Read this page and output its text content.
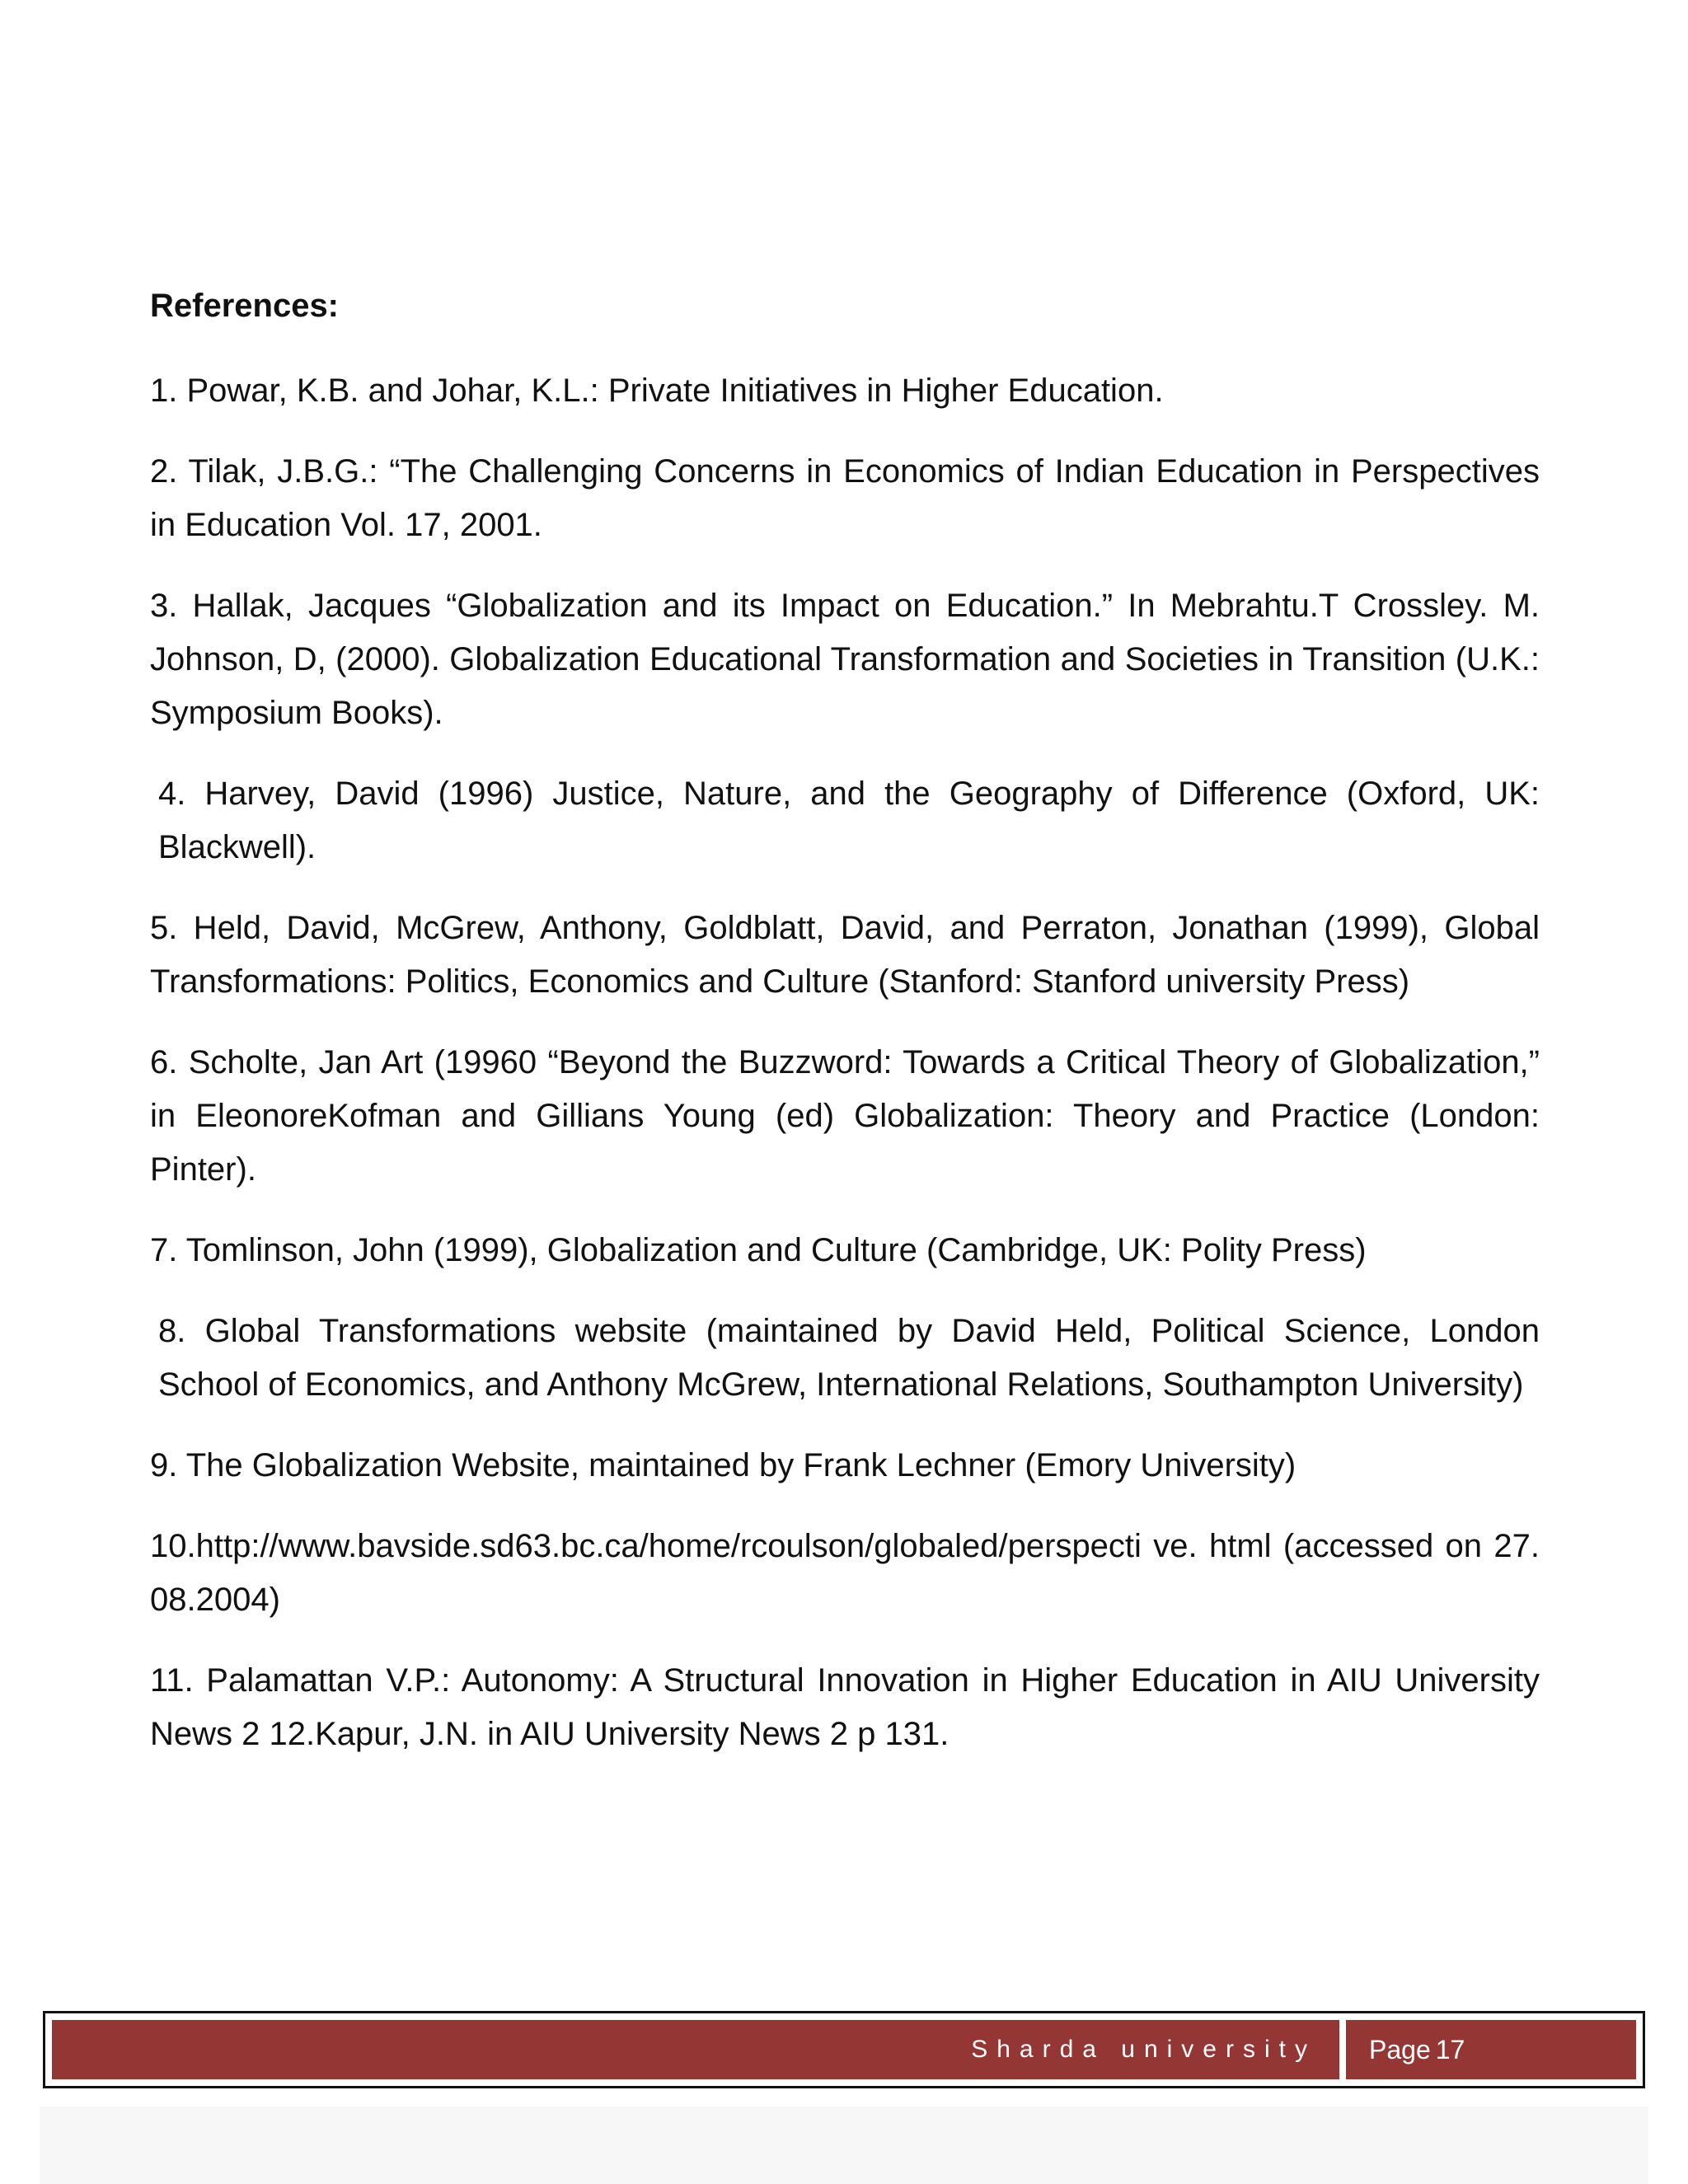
References:

1. Powar, K.B. and Johar, K.L.: Private Initiatives in Higher Education.

2. Tilak, J.B.G.: “The Challenging Concerns in Economics of Indian Education in Perspectives in Education Vol. 17, 2001.

3. Hallak, Jacques “Globalization and its Impact on Education.” In Mebrahtu.T Crossley. M. Johnson, D, (2000). Globalization Educational Transformation and Societies in Transition (U.K.: Symposium Books).

4. Harvey, David (1996) Justice, Nature, and the Geography of Difference (Oxford, UK: Blackwell).

5. Held, David, McGrew, Anthony, Goldblatt, David, and Perraton, Jonathan (1999), Global Transformations: Politics, Economics and Culture (Stanford: Stanford university Press)

6. Scholte, Jan Art (19960 “Beyond the Buzzword: Towards a Critical Theory of Globalization,” in EleonoreKofman and Gillians Young (ed) Globalization: Theory and Practice (London: Pinter).

7. Tomlinson, John (1999), Globalization and Culture (Cambridge, UK: Polity Press)

8. Global Transformations website (maintained by David Held, Political Science, London School of Economics, and Anthony McGrew, International Relations, Southampton University)

9. The Globalization Website, maintained by Frank Lechner (Emory University)

10.http://www.bavside.sd63.bc.ca/home/rcoulson/globaled/perspecti ve. html (accessed on 27.08.2004)

11. Palamattan V.P.: Autonomy: A Structural Innovation in Higher Education in AIU University News 2 12.Kapur, J.N. in AIU University News 2 p 131.

Sharda university	Page 17
